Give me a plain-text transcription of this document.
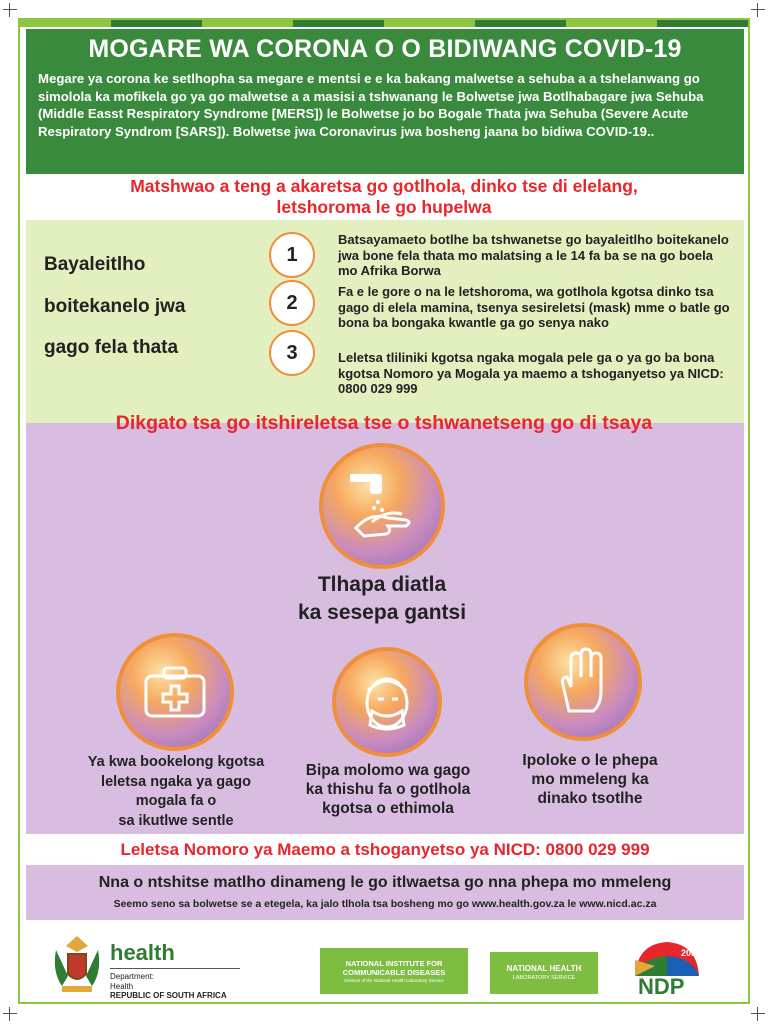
MOGARE WA CORONA O O BIDIWANG COVID-19

Megare ya corona ke setlhopha sa megare e mentsi e e ka bakang malwetse a sehuba a a tshelanwang go simolola ka mofikela go ya go malwetse a a masisi a tshwanang le Bolwetse jwa Botlhabagare jwa Sehuba (Middle Easst Respiratory Syndrome [MERS]) le Bolwetse jo bo Bogale Thata jwa Sehuba (Severe Acute Respiratory Syndrom [SARS]). Bolwetse jwa Coronavirus jwa bosheng jaana bo bidiwa COVID-19..

Matshwao a teng a akaretsa go gotlhola, dinko tse di elelang,
letshoroma le go hupelwa
Bayaleitlho
boitekanelo jwa
gago fela thata
1
Batsayamaeto botlhe ba tshwanetse go bayaleitlho boitekanelo jwa bone fela thata mo malatsing a le 14 fa ba se na go boela mo Afrika Borwa
2	Fa e le gore o na le letshoroma, wa gotlhola kgotsa dinko tsa gago di elela mamina, tsenya sesireletsi (mask) mme o batle go bona ba bongaka kwantle ga go senya nako
3	Leletsa tliliniki kgotsa ngaka mogala pele ga o ya go ba bona kgotsa Nomoro ya Mogala ya maemo a tshoganyetso ya NICD: 0800 029 999
Dikgato tsa go itshireletsa tse o tshwanetseng go di tsaya
Tlhapa diatla
ka sesepa gantsi
Ya kwa bookelong kgotsa
leletsa ngaka ya gago
mogala fa o
sa ikutlwe sentle
Bipa molomo wa gago
ka thishu fa o gotlhola
kgotsa o ethimola
Ipoloke o le phepa
mo mmeleng ka
dinako tsotlhe
Leletsa Nomoro ya Maemo a tshoganyetso ya NICD: 0800 029 999
Nna o ntshitse matlho dinameng le go itlwaetsa go nna phepa mo mmeleng
Seemo seno sa bolwetse se a etegela, ka jalo tlhola tsa bosheng mo go www.health.gov.za le www.nicd.ac.za
health
Department:
Health
REPUBLIC OF SOUTH AFRICA
NATIONAL INSTITUTE FOR
COMMUNICABLE DISEASES
Division of the National Health Laboratory Service
NATIONAL HEALTH
LABORATORY SERVICE
2030
NDP
